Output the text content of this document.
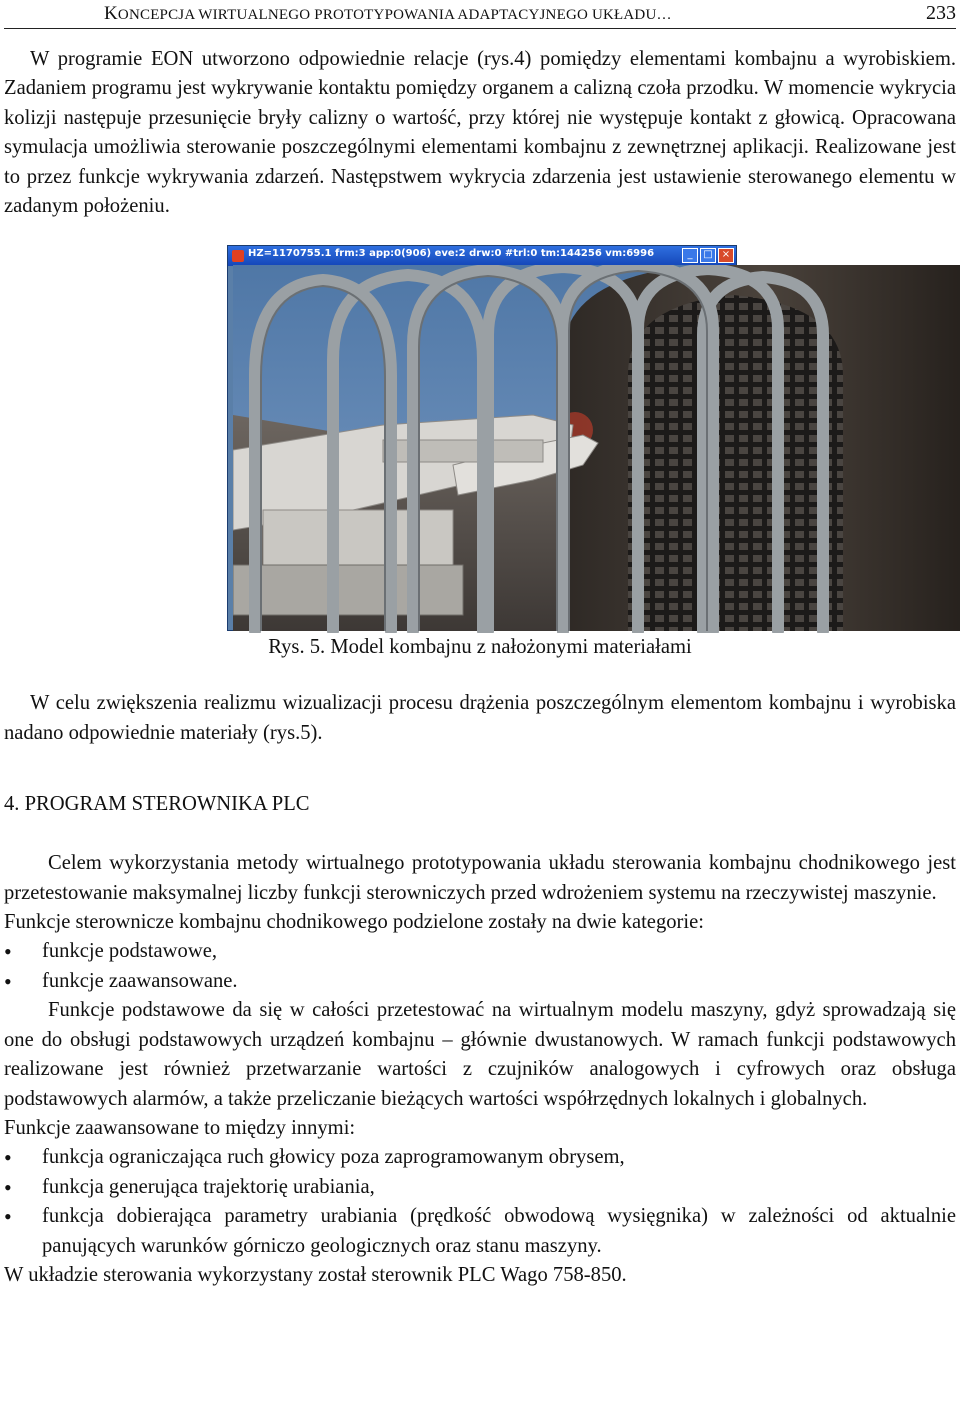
KONCEPCJA WIRTUALNEGO PROTOTYPOWANIA ADAPTACYJNEGO UKŁADU…	233

W programie EON utworzono odpowiednie relacje (rys.4) pomiędzy elementami kombajnu a wyrobiskiem. Zadaniem programu jest wykrywanie kontaktu pomiędzy organem a calizną czoła przodku. W momencie wykrycia kolizji następuje przesunięcie bryły calizny o wartość, przy której nie występuje kontakt z głowicą. Opracowana symulacja umożliwia sterowanie poszczególnymi elementami kombajnu z zewnętrznej aplikacji. Realizowane jest to przez funkcje wykrywania zdarzeń. Następstwem wykrycia zdarzenia jest ustawienie sterowanego elementu w zadanym położeniu.

HZ=1170755.1 frm:3 app:0(906) eve:2 drw:0 #trl:0 tm:144256 vm:6996	_	□ ×
Rys. 5. Model kombajnu z nałożonymi materiałami

W celu zwiększenia realizmu wizualizacji procesu drążenia poszczególnym elementom kombajnu i wyrobiska nadano odpowiednie materiały (rys.5).

4. PROGRAM STEROWNIKA PLC

Celem wykorzystania metody wirtualnego prototypowania układu sterowania kombajnu chodnikowego jest przetestowanie maksymalnej liczby funkcji sterowniczych przed wdrożeniem systemu na rzeczywistej maszynie.

Funkcje sterownicze kombajnu chodnikowego podzielone zostały na dwie kategorie:

• funkcje podstawowe,
• funkcje zaawansowane.

Funkcje podstawowe da się w całości przetestować na wirtualnym modelu maszyny, gdyż sprowadzają się one do obsługi podstawowych urządzeń kombajnu – głównie dwustanowych. W ramach funkcji podstawowych realizowane jest również przetwarzanie wartości z czujników analogowych i cyfrowych oraz obsługa podstawowych alarmów, a także przeliczanie bieżących wartości współrzędnych lokalnych i globalnych.

Funkcje zaawansowane to między innymi:

• funkcja ograniczająca ruch głowicy poza zaprogramowanym obrysem,
• funkcja generująca trajektorię urabiania,
• funkcja dobierająca parametry urabiania (prędkość obwodową wysięgnika) w zależności od aktualnie panujących warunków górniczo geologicznych oraz stanu maszyny.

W układzie sterowania wykorzystany został sterownik PLC Wago 758-850.
